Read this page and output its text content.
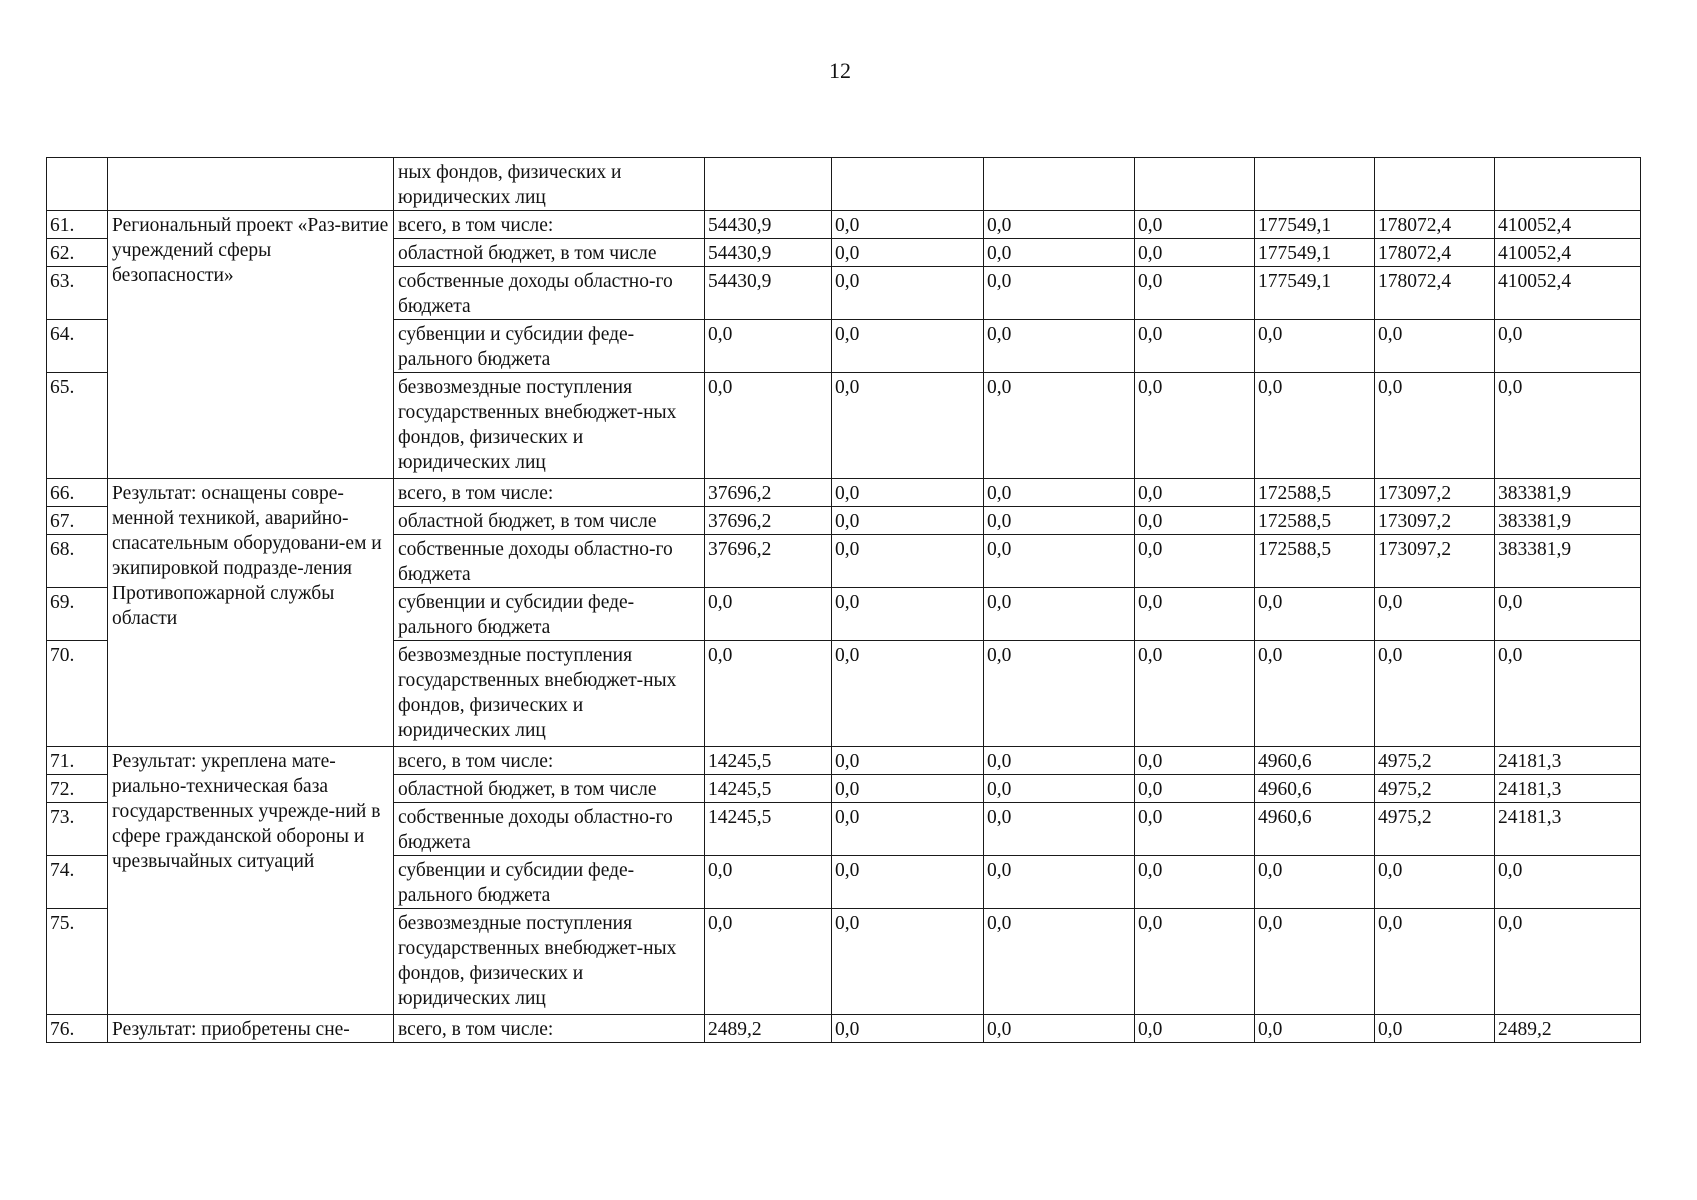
12
		ных фондов, физических и юридических лиц							
61.	Региональный проект «Раз-витие учреждений сферы безопасности»	всего, в том числе:	54430,9	0,0	0,0	0,0	177549,1	178072,4	410052,4
62.		областной бюджет, в том числе	54430,9	0,0	0,0	0,0	177549,1	178072,4	410052,4
63.		собственные доходы областно-го бюджета	54430,9	0,0	0,0	0,0	177549,1	178072,4	410052,4
64.		субвенции и субсидии феде-рального бюджета	0,0	0,0	0,0	0,0	0,0	0,0	0,0
65.		безвозмездные поступления государственных внебюджет-ных фондов, физических и юридических лиц	0,0	0,0	0,0	0,0	0,0	0,0	0,0
66.	Результат: оснащены совре-менной техникой, аварийно-спасательным оборудовани-ем и экипировкой подразде-ления Противопожарной службы области	всего, в том числе:	37696,2	0,0	0,0	0,0	172588,5	173097,2	383381,9
67.		областной бюджет, в том числе	37696,2	0,0	0,0	0,0	172588,5	173097,2	383381,9
68.		собственные доходы областно-го бюджета	37696,2	0,0	0,0	0,0	172588,5	173097,2	383381,9
69.		субвенции и субсидии феде-рального бюджета	0,0	0,0	0,0	0,0	0,0	0,0	0,0
70.		безвозмездные поступления государственных внебюджет-ных фондов, физических и юридических лиц	0,0	0,0	0,0	0,0	0,0	0,0	0,0
71.	Результат: укреплена мате-риально-техническая база государственных учрежде-ний в сфере гражданской обороны и чрезвычайных ситуаций	всего, в том числе:	14245,5	0,0	0,0	0,0	4960,6	4975,2	24181,3
72.		областной бюджет, в том числе	14245,5	0,0	0,0	0,0	4960,6	4975,2	24181,3
73.		собственные доходы областно-го бюджета	14245,5	0,0	0,0	0,0	4960,6	4975,2	24181,3
74.		субвенции и субсидии феде-рального бюджета	0,0	0,0	0,0	0,0	0,0	0,0	0,0
75.		безвозмездные поступления государственных внебюджет-ных фондов, физических и юридических лиц	0,0	0,0	0,0	0,0	0,0	0,0	0,0
76.	Результат: приобретены сне-	всего, в том числе:	2489,2	0,0	0,0	0,0	0,0	0,0	2489,2
